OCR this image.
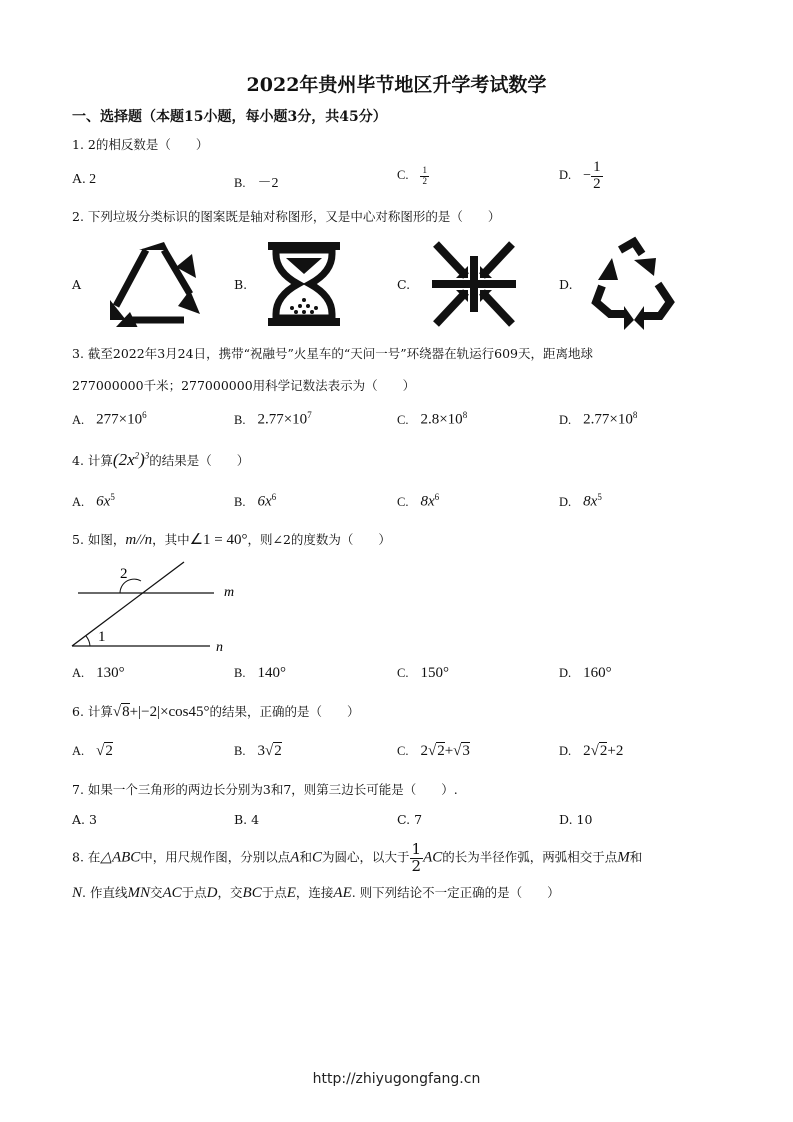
2022年贵州毕节地区升学考试数学
一、选择题（本题15小题，每小题3分，共45分）
1. 2的相反数是（　　）
A. 2	B. －2
C. $\frac{1}{2}$	D. − $\frac{1}{2}$
2. 下列垃圾分类标识的图案既是轴对称图形，又是中心对称图形的是（　　）
A	B.	C.	D.
3. 截至2022年3月24日，携带“祝融号”火星车的“天问一号”环绕器在轨运行609天，距离地球
277000000千米；277000000用科学记数法表示为（　　）
A. $277\times 10^6$	B. $2.77\times 10^7$	C. $2.8\times 10^8$	D. $2.77\times 10^8$
4. 计算$(2x^2)^3$的结果是（　　）
A. $6x^5$	B. $6x^6$	C. $8x^6$	D. $8x^5$
5. 如图，m//n，其中∠1 = 40°，则∠2的度数为（　　）
2
1
m
n
A. 130°	B. 140°	C. 150°	D. 160°
6. 计算√8+|−2|×cos45°的结果，正确的是（　　）
A. √2	B. 3√2	C. 2√2+√3	D. 2√2+2
7. 如果一个三角形的两边长分别为3和7，则第三边长可能是（　　）.
A. 3	B. 4	C. 7	D. 10
8. 在△ABC中，用尺规作图，分别以点A和C为圆心，以大于 $\frac{1}{2}$ AC的长为半径作弧，两弧相交于点M和
N. 作直线MN交AC于点D，交BC于点E，连接AE. 则下列结论不一定正确的是（　　）
http://zhiyugongfang.cn
